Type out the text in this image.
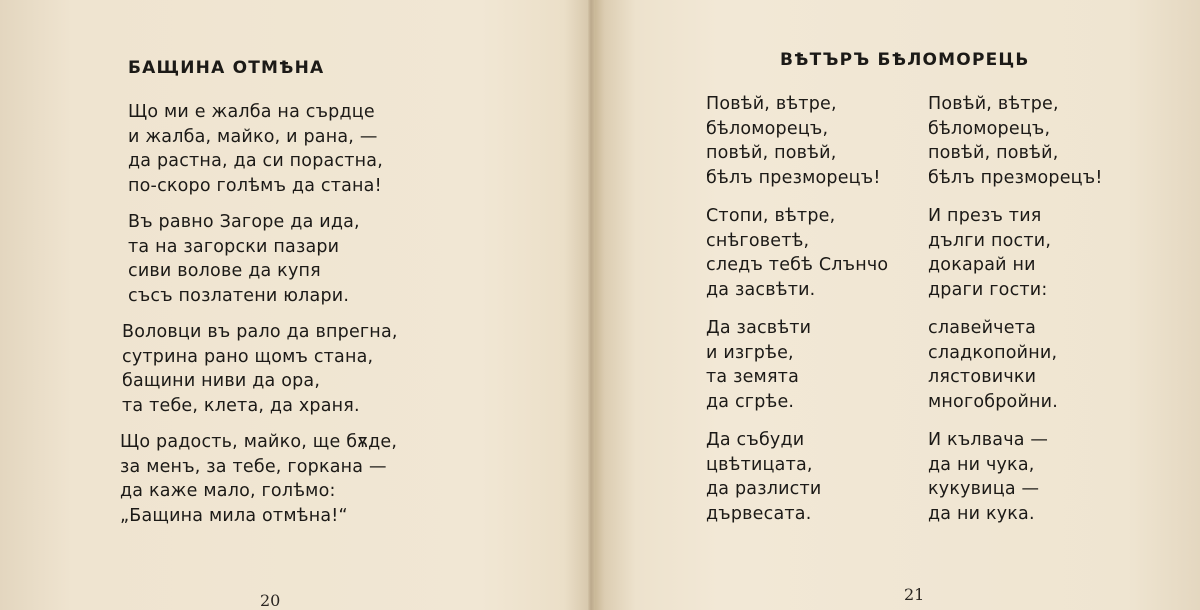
БАЩИНА ОТМѢНА
Що ми е жалба на сърдце
и жалба, майко, и рана, —
да растна, да си порастна,
по-скоро голѣмъ да стана!
Въ равно Загоре да ида,
та на загорски пазари
сиви волове да купя
съсъ позлатени юлари.
Воловци въ рало да впрегна,
сутрина рано щомъ стана,
бащини ниви да ора,
та тебе, клета, да храня.
Що радость, майко, ще бѫде,
за менъ, за тебе, горкана —
да каже мало, голѣмо:
„Бащина мила отмѣна!“
20
ВѢТЪРЪ БѢЛОМОРЕЦЬ
Повѣй, вѣтре,
бѣломорецъ,
повѣй, повѣй,
бѣлъ презморецъ!
Стопи, вѣтре,
снѣговетѣ,
следъ тебѣ Слънчо
да засвѣти.
Да засвѣти
и изгрѣе,
та земята
да сгрѣе.
Да събуди
цвѣтицата,
да разлисти
дървесата.
Повѣй, вѣтре,
бѣломорецъ,
повѣй, повѣй,
бѣлъ презморецъ!
И презъ тия
дълги пости,
докарай ни
драги гости:
славейчета
сладкопойни,
лястовички
многобройни.
И кълвача —
да ни чука,
кукувица —
да ни кука.
21
